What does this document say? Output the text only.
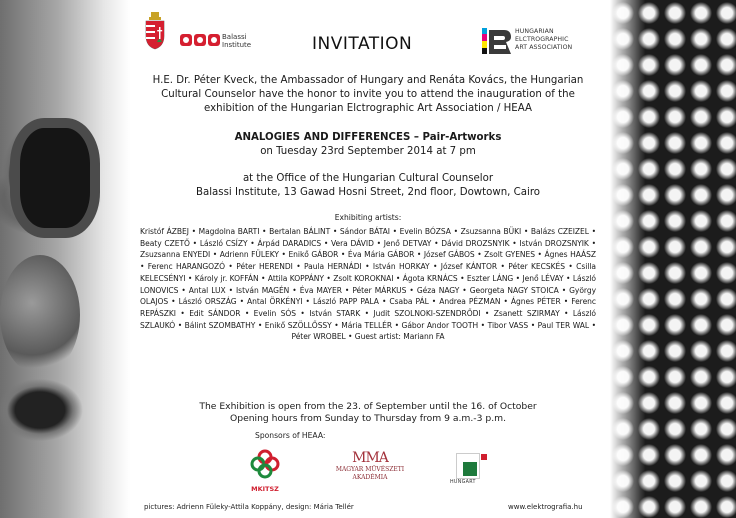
Balassi
Institute	INVITATION
HUNGARIAN
ELCTROGRAPHIC
ART ASSOCIATION
H.E. Dr. Péter Kveck, the Ambassador of Hungary and Renáta Kovács, the Hungarian
Cultural Counselor have the honor to invite you to attend the inauguration of the
exhibition of the Hungarian Elctrographic Art Association / HEAA
ANALOGIES AND DIFFERENCES – Pair-Artworks
on Tuesday 23rd September 2014 at 7 pm
at the Office of the Hungarian Cultural Counselor
Balassi Institute, 13 Gawad Hosni Street, 2nd floor, Dowtown, Cairo
Exhibiting artists:
Kristóf ÁZBEJ • Magdolna BARTI • Bertalan BÁLINT • Sándor BÁTAI • Evelin BÓZSA • Zsuzsanna BÜKI • Balázs CZEIZEL • Beaty CZETŐ • László CSÍZY • Árpád DARADICS • Vera DÁVID • Jenő DETVAY • Dávid DROZSNYIK • István DROZSNYIK • Zsuzsanna ENYEDI • Adrienn FÜLEKY • Enikő GÁBOR • Éva Mária GÁBOR • József GÁBOS • Zsolt GYENES • Ágnes HAÁSZ • Ferenc HARANGOZÓ • Péter HERENDI • Paula HERNÁDI • István HORKAY • József KÁNTOR • Péter KECSKÉS • Csilla KELECSÉNYI • Károly jr. KOFFÁN • Attila KOPPÁNY • Zsolt KOROKNAI • Ágota KRNÁCS • Eszter LÁNG • Jenő LÉVAY • László LONOVICS • Antal LUX • István MAGÉN • Éva MAYER • Péter MÁRKUS • Géza NAGY • Georgeta NAGY STOICA • György OLAJOS • László ORSZÁG • Antal ÖRKÉNYI • László PAPP PALA • Csaba PÁL • Andrea PÉZMAN • Ágnes PÉTER • Ferenc REPÁSZKI • Edit SÁNDOR • Evelin SÓS • István STARK • Judit SZOLNOKI-SZENDRŐDI • Zsanett SZIRMAY • László SZLAUKÓ • Bálint SZOMBATHY • Enikő SZÖLLŐSSY • Mária TELLÉR • Gábor Andor TOOTH • Tibor VASS • Paul TER WAL • Péter WROBEL • Guest artist: Mariann FA
The Exhibition is open from the 23. of September until the 16. of October
Opening hours from Sunday to Thursday from 9 a.m.-3 p.m.
Sponsors of HEAA:
MKITSZ
MMA
MAGYAR MŰVÉSZETI
AKADÉMIA
HUNGART
pictures: Adrienn Füleky-Attila Koppány, design: Mária Tellér	www.elektrografia.hu
